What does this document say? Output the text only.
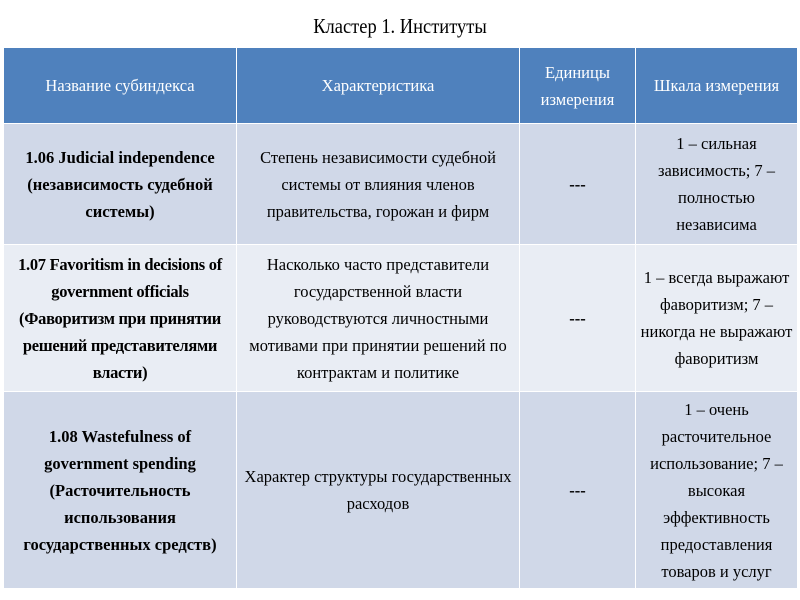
Кластер 1. Институты
Название субиндекса	Характеристика	Единицы измерения	Шкала измерения
1.06 Judicial independence (независимость судебной системы)	Степень независимости судебной системы от влияния членов правительства, горожан и фирм	---	1 – сильная зависимость; 7 – полностью независима
1.07 Favoritism in decisions of government officials (Фаворитизм при принятии решений представителями власти)	Насколько часто представители государственной власти руководствуются личностными мотивами при принятии решений по контрактам и политике	---	1 – всегда выражают фаворитизм; 7 – никогда не выражают фаворитизм
1.08 Wastefulness of government spending (Расточительность использования государственных средств)	Характер структуры государственных расходов	---	1 – очень расточительное использование; 7 – высокая эффективность предоставления товаров и услуг
